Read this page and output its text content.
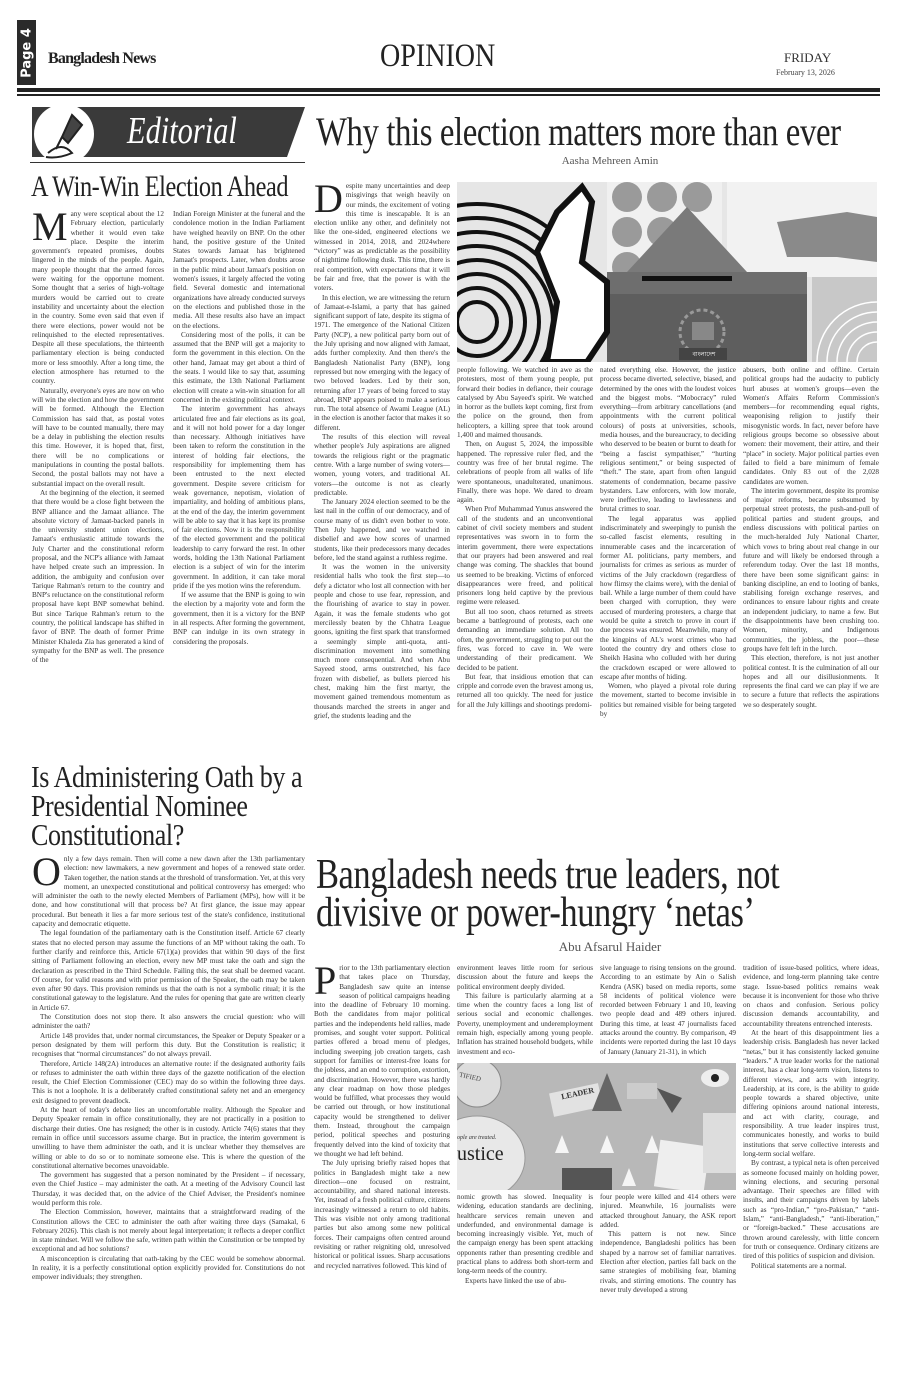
Page 4 Bangladesh News	OPINION	FRIDAY
February 13, 2026
Editorial
A Win-Win Election Ahead
M any were sceptical about the 12 February election, particularly whether it would even take place. Despite the interim government's repeated promises, doubts lingered in the minds of the people. Again, many people thought that the armed forces were waiting for the opportune moment. Some thought that a series of high-voltage murders would be carried out to create instability and uncertainty about the election in the country. Some even said that even if there were elections, power would not be relinquished to the elected representatives. Despite all these speculations, the thirteenth parliamentary election is being conducted more or less smoothly. After a long time, the election atmosphere has returned to the country.

Naturally, everyone's eyes are now on who will win the election and how the government will be formed. Although the Election Commission has said that, as postal votes will have to be counted manually, there may be a delay in publishing the election results this time. However, it is hoped that, first, there will be no complications or manipulations in counting the postal ballots. Second, the postal ballots may not have a substantial impact on the overall result.

At the beginning of the election, it seemed that there would be a close fight between the BNP alliance and the Jamaat alliance. The absolute victory of Jamaat-backed panels in the university student union elections, Jamaat's enthusiastic attitude towards the July Charter and the constitutional reform proposal, and the NCP's alliance with Jamaat have helped create such an impression. In addition, the ambiguity and confusion over Tarique Rahman's return to the country and BNP's reluctance on the constitutional reform proposal have kept BNP somewhat behind. But since Tarique Rahman's return to the country, the political landscape has shifted in favor of BNP. The death of former Prime Minister Khaleda Zia has generated a kind of sympathy for the BNP as well. The presence of the

Indian Foreign Minister at the funeral and the condolence motion in the Indian Parliament have weighed heavily on BNP. On the other hand, the positive gesture of the United States towards Jamaat has brightened Jamaat's prospects. Later, when doubts arose in the public mind about Jamaat's position on women's issues, it largely affected the voting field. Several domestic and international organizations have already conducted surveys on the elections and published those in the media. All these results also have an impact on the elections.

Considering most of the polls, it can be assumed that the BNP will get a majority to form the government in this election. On the other hand, Jamaat may get about a third of the seats. I would like to say that, assuming this estimate, the 13th National Parliament election will create a win-win situation for all concerned in the existing political context.

The interim government has always articulated free and fair elections as its goal, and it will not hold power for a day longer than necessary. Although initiatives have been taken to reform the constitution in the interest of holding fair elections, the responsibility for implementing them has been entrusted to the next elected government. Despite severe criticism for weak governance, nepotism, violation of impartiality, and holding of ambitious plans, at the end of the day, the interim government will be able to say that it has kept its promise of fair elections. Now it is the responsibility of the elected government and the political leadership to carry forward the rest. In other words, holding the 13th National Parliament election is a subject of win for the interim government. In addition, it can take moral pride if the yes motion wins the referendum.

If we assume that the BNP is going to win the election by a majority vote and form the government, then it is a victory for the BNP in all respects. After forming the government, BNP can indulge in its own strategy in considering the proposals.

Is Administering Oath by a Presidential Nominee Constitutional?
O nly a few days remain. Then will come a new dawn after the 13th parliamentary election: new lawmakers, a new government and hopes of a renewed state order. Taken together, the nation stands at the threshold of transformation. Yet, at this very moment, an unexpected constitutional and political controversy has emerged: who will administer the oath to the newly elected Members of Parliament (MPs), how will it be done, and how constitutional will that process be? At first glance, the issue may appear procedural. But beneath it lies a far more serious test of the state's confidence, institutional capacity and democratic etiquette.

The legal foundation of the parliamentary oath is the Constitution itself. Article 67 clearly states that no elected person may assume the functions of an MP without taking the oath. To further clarify and reinforce this, Article 67(1)(a) provides that within 90 days of the first sitting of Parliament following an election, every new MP must take the oath and sign the declaration as prescribed in the Third Schedule. Failing this, the seat shall be deemed vacant. Of course, for valid reasons and with prior permission of the Speaker, the oath may be taken even after 90 days. This provision reminds us that the oath is not a symbolic ritual; it is the constitutional gateway to the legislature. And the rules for opening that gate are written clearly in Article 67.

The Constitution does not stop there. It also answers the crucial question: who will administer the oath?

Article 148 provides that, under normal circumstances, the Speaker or Deputy Speaker or a person designated by them will perform this duty. But the Constitution is realistic; it recognises that “normal circumstances” do not always prevail.

Therefore, Article 148(2A) introduces an alternative route: if the designated authority fails or refuses to administer the oath within three days of the gazette notification of the election result, the Chief Election Commissioner (CEC) may do so within the following three days. This is not a loophole. It is a deliberately crafted constitutional safety net and an emergency exit designed to prevent deadlock.

At the heart of today's debate lies an uncomfortable reality. Although the Speaker and Deputy Speaker remain in office constitutionally, they are not practically in a position to discharge their duties. One has resigned; the other is in custody. Article 74(6) states that they remain in office until successors assume charge. But in practice, the interim government is unwilling to have them administer the oath, and it is unclear whether they themselves are willing or able to do so or to nominate someone else. This is where the question of the constitutional alternative becomes unavoidable.

The government has suggested that a person nominated by the President – if necessary, even the Chief Justice – may administer the oath. At a meeting of the Advisory Council last Thursday, it was decided that, on the advice of the Chief Adviser, the President's nominee would perform this role.

The Election Commission, however, maintains that a straightforward reading of the Constitution allows the CEC to administer the oath after waiting three days (Samakal, 6 February 2026). This clash is not merely about legal interpretation; it reflects a deeper conflict in state mindset. Will we follow the safe, written path within the Constitution or be tempted by exceptional and ad hoc solutions?

A misconception is circulating that oath-taking by the CEC would be somehow abnormal. In reality, it is a perfectly constitutional option explicitly provided for. Constitutions do not empower individuals; they strengthen.

Why this election matters more than ever
Aasha Mehreen Amin
D espite many uncertainties and deep misgivings that weigh heavily on our minds, the excitement of voting this time is inescapable. It is an election unlike any other, and definitely not like the one-sided, engineered elections we witnessed in 2014, 2018, and 2024where “victory” was as predictable as the possibility of nighttime following dusk. This time, there is real competition, with expectations that it will be fair and free, that the power is with the voters.

In this election, we are witnessing the return of Jamaat-e-Islami, a party that has gained significant support of late, despite its stigma of 1971. The emergence of the National Citizen Party (NCP), a new political party born out of the July uprising and now aligned with Jamaat, adds further complexity. And then there's the Bangladesh Nationalist Party (BNP), long repressed but now emerging with the legacy of two beloved leaders. Led by their son, returning after 17 years of being forced to stay abroad, BNP appears poised to make a serious run. The total absence of Awami League (AL) in the election is another factor that makes it so different.

The results of this election will reveal whether people's July aspirations are aligned towards the religious right or the pragmatic centre. With a large number of swing voters—women, young voters, and traditional AL voters—the outcome is not as clearly predictable.

The January 2024 election seemed to be the last nail in the coffin of our democracy, and of course many of us didn't even bother to vote. Then July happened, and we watched in disbelief and awe how scores of unarmed students, like their predecessors many decades before, led the stand against a ruthless regime.

It was the women in the university residential halls who took the first step—to defy a dictator who lost all connection with her people and chose to use fear, repression, and the flourishing of avarice to stay in power. Again, it was the female students who got mercilessly beaten by the Chhatra League goons, igniting the first spark that transformed a seemingly simple anti-quota, anti-discrimination movement into something much more consequential. And when Abu Sayeed stood, arms outstretched, his face frozen with disbelief, as bullets pierced his chest, making him the first martyr, the movement gained tremendous momentum as thousands marched the streets in anger and grief, the students leading and the

বাংলাদেশ

people following. We watched in awe as the protesters, most of them young people, put forward their bodies in defiance, their courage catalysed by Abu Sayeed's spirit. We watched in horror as the bullets kept coming, first from the police on the ground, then from helicopters, a killing spree that took around 1,400 and maimed thousands.

Then, on August 5, 2024, the impossible happened. The repressive ruler fled, and the country was free of her brutal regime. The celebrations of people from all walks of life were spontaneous, unadulterated, unanimous. Finally, there was hope. We dared to dream again.

When Prof Muhammad Yunus answered the call of the students and an unconventional cabinet of civil society members and student representatives was sworn in to form the interim government, there were expectations that our prayers had been answered and real change was coming. The shackles that bound us seemed to be breaking. Victims of enforced disappearances were freed, and political prisoners long held captive by the previous regime were released.

But all too soon, chaos returned as streets became a battleground of protests, each one demanding an immediate solution. All too often, the government, struggling to put out the fires, was forced to cave in. We were understanding of their predicament. We decided to be patient.

But fear, that insidious emotion that can cripple and corrode even the bravest among us, returned all too quickly. The need for justice for all the July killings and shootings predomi-

nated everything else. However, the justice process became diverted, selective, biased, and determined by the ones with the loudest voices and the biggest mobs. “Mobocracy” ruled everything—from arbitrary cancellations (and appointments with the current political colours) of posts at universities, schools, media houses, and the bureaucracy, to deciding who deserved to be beaten or burnt to death for “being a fascist sympathiser,” “hurting religious sentiment,” or being suspected of “theft.” The state, apart from often languid statements of condemnation, became passive bystanders. Law enforcers, with low morale, were ineffective, leading to lawlessness and brutal crimes to soar.

The legal apparatus was applied indiscriminately and sweepingly to punish the so-called fascist elements, resulting in innumerable cases and the incarceration of former AL politicians, party members, and journalists for crimes as serious as murder of victims of the July crackdown (regardless of how flimsy the claims were), with the denial of bail. While a large number of them could have been charged with corruption, they were accused of murdering protesters, a charge that would be quite a stretch to prove in court if due process was ensured. Meanwhile, many of the kingpins of AL's worst crimes who had looted the country dry and others close to Sheikh Hasina who colluded with her during the crackdown escaped or were allowed to escape after months of hiding.

Women, who played a pivotal role during the movement, started to become invisible in politics but remained visible for being targeted by

abusers, both online and offline. Certain political groups had the audacity to publicly hurl abuses at women's groups—even the Women's Affairs Reform Commission's members—for recommending equal rights, weaponising religion to justify their misogynistic words. In fact, never before have religious groups become so obsessive about women: their movement, their attire, and their “place” in society. Major political parties even failed to field a bare minimum of female candidates. Only 83 out of the 2,028 candidates are women.

The interim government, despite its promise of major reforms, became subsumed by perpetual street protests, the push-and-pull of political parties and student groups, and endless discussions with political parties on the much-heralded July National Charter, which vows to bring about real change in our future and will likely be endorsed through a referendum today. Over the last 18 months, there have been some significant gains: in banking discipline, an end to looting of banks, stabilising foreign exchange reserves, and ordinances to ensure labour rights and create an independent judiciary, to name a few. But the disappointments have been crushing too. Women, minority, and Indigenous communities, the jobless, the poor—these groups have felt left in the lurch.

This election, therefore, is not just another political contest. It is the culmination of all our hopes and all our disillusionments. It represents the final card we can play if we are to secure a future that reflects the aspirations we so desperately sought.

Bangladesh needs true leaders, not
divisive or power-hungry ‘netas’
Abu Afsarul Haider
P rior to the 13th parliamentary election that takes place on Thursday, Bangladesh saw quite an intense season of political campaigns heading into the deadline of February 10 morning. Both the candidates from major political parties and the independents held rallies, made promises, and sought voter support. Political parties offered a broad menu of pledges, including sweeping job creation targets, cash support for families or interest-free loans for the jobless, and an end to corruption, extortion, and discrimination. However, there was hardly any clear roadmap on how those pledges would be fulfilled, what processes they would be carried out through, or how institutional capacity would be strengthened to deliver them. Instead, throughout the campaign period, political speeches and posturing frequently delved into the kind of toxicity that we thought we had left behind.

The July uprising briefly raised hopes that politics in Bangladesh might take a new direction—one focused on restraint, accountability, and shared national interests. Yet, instead of a fresh political culture, citizens increasingly witnessed a return to old habits. This was visible not only among traditional parties but also among some new political forces. Their campaigns often centred around revisiting or rather reigniting old, unresolved historical or political issues. Sharp accusations and recycled narratives followed. This kind of

environment leaves little room for serious discussion about the future and keeps the political environment deeply divided.

This failure is particularly alarming at a time when the country faces a long list of serious social and economic challenges. Poverty, unemployment and underemployment remain high, especially among young people. Inflation has strained household budgets, while investment and eco-

sive language to rising tensions on the ground. According to an estimate by Ain o Salish Kendra (ASK) based on media reports, some 58 incidents of political violence were recorded between February 1 and 10, leaving two people dead and 489 others injured. During this time, at least 47 journalists faced attacks around the country. By comparison, 49 incidents were reported during the last 10 days of January (January 21-31), in which

LEADER
TIFIED
ople are treated.
ustice

nomic growth has slowed. Inequality is widening, education standards are declining, healthcare services remain uneven and underfunded, and environmental damage is becoming increasingly visible. Yet, much of the campaign energy has been spent attacking opponents rather than presenting credible and practical plans to address both short-term and long-term needs of the country.

Experts have linked the use of abu-

four people were killed and 414 others were injured. Meanwhile, 16 journalists were attacked throughout January, the ASK report added.

This pattern is not new. Since independence, Bangladeshi politics has been shaped by a narrow set of familiar narratives. Election after election, parties fall back on the same strategies of mobilising fear, blaming rivals, and stirring emotions. The country has never truly developed a strong

tradition of issue-based politics, where ideas, evidence, and long-term planning take centre stage. Issue-based politics remains weak because it is inconvenient for those who thrive on chaos and confusion. Serious policy discussion demands accountability, and accountability threatens entrenched interests.

At the heart of this disappointment lies a leadership crisis. Bangladesh has never lacked “netas,” but it has consistently lacked genuine “leaders.” A true leader works for the national interest, has a clear long-term vision, listens to different views, and acts with integrity. Leadership, at its core, is the ability to guide people towards a shared objective, unite differing opinions around national interests, and act with clarity, courage, and responsibility. A true leader inspires trust, communicates honestly, and works to build institutions that serve collective interests and long-term social welfare.

By contrast, a typical neta is often perceived as someone focused mainly on holding power, winning elections, and securing personal advantage. Their speeches are filled with insults, and their campaigns driven by labels such as “pro-Indian,” “pro-Pakistan,” “anti-Islam,” “anti-Bangladesh,” “anti-liberation,” or “foreign-backed.” These accusations are thrown around carelessly, with little concern for truth or consequence. Ordinary citizens are tired of this politics of suspicion and division.

Political statements are a normal.
